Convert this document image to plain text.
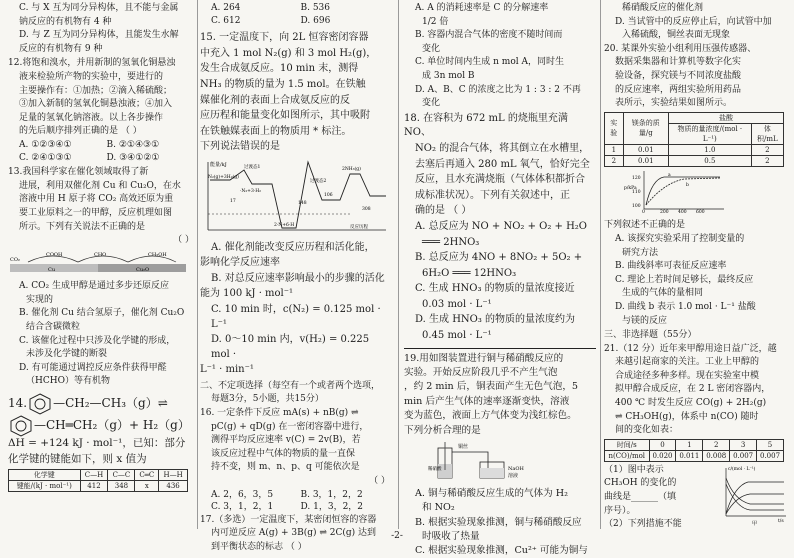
C. 与 X 互为同分异构体，且不能与金属

钠反应的有机物有 4 种

D. 与 Z 互为同分异构体，且能发生水解

反应的有机物有 9 种

12.将饱和溴水，并用新制的氢氧化铜悬浊

液来检验所产物的实验中，要进行的

主要操作有：①加热；②滴入稀硫酸；

③加入新制的氢氧化铜悬浊液；④加入

足量的氢氧化钠溶液。以上各步操作

的先后顺序排列正确的是 （ ）

A. ①②③④①	B. ②①④③①
C. ②④①③①	D. ③④①②①

13.我国科学家在催化领域取得了新

进展，利用双催化剂 Cu 和 Cu₂O，在水

溶液中用 H 原子将 CO₂ 高效还原为重

要工业原料之一的甲醇，反应机理如图

所示。下列有关说法不正确的是

（ ）

CO₂
COOH	CHO	CH₃OH
Cu	Cu₂O

A. CO₂ 生成甲醇是通过多步还原反应

实现的

B. 催化剂 Cu 结合氢原子，催化剂 Cu₂O

结合含碳微粒

C. 该催化过程中只涉及化学键的形成，

未涉及化学键的断裂

D. 有可能通过调控反应条件获得甲醛

（HCHO）等有机物

14. —CH₂—CH₃（g）⇌
—CH═CH₂（g）+ H₂（g）

ΔH = +124 kJ · mol⁻¹，已知：部分

化学键的键能如下，则 x 值为

化学键	C—H	C—C	C═C	H—H
键能/(kJ · mol⁻¹)	412	348	x	436
A. 264	B. 536
C. 612	D. 696

15. 一定温度下，向 2L 恒容密闭容器

中充入 1 mol N₂(g) 和 3 mol H₂(g)，

发生合成氨反应。10 min 末，测得

NH₃ 的物质的量为 1.5 mol。在铁触

媒催化剂的表面上合成氨反应的反

应历程和能量变化如图所示，其中吸附

在铁触媒表面上的物质用 * 标注。

下列说法错误的是

能量/kJ
N₂(g)+3H₂(g)
过渡态1
过渡态2
·N₂+3·H₂
2·N+6·H
2NH₃(g)
17	148
106
308
反应历程

A. 催化剂能改变反应历程和活化能，

影响化学反应速率

B. 对总反应速率影响最小的步骤的活化

能为 100 kJ · mol⁻¹

C. 10 min 时，c(N₂) = 0.125 mol · L⁻¹

D. 0～10 min 内，v(H₂) = 0.225 mol ·

L⁻¹ · min⁻¹

二、不定项选择（每空有一个或者两个选项，

每题3分，5小题，共15分）

16. 一定条件下反应 mA(s) + nB(g) ⇌

pC(g) + qD(g) 在一密闭容器中进行，

测得平均反应速率 v(C) = 2v(B)，若

该反应过程中气体的物质的量一直保

持不变，则 m、n、p、q 可能依次是

（ ）

A. 2，6，3，5	B. 3，1，2，2
C. 3，1，2，1	D. 1，3，2，2

17.（多选）一定温度下，某密闭恒容的容器

内可逆反应 A(g) + 3B(g) ⇌ 2C(g) 达到

到平衡状态的标志 （ ）

A. A 的消耗速率是 C 的分解速率

1/2 倍

B. 容器内混合气体的密度不随时间而

变化

C. 单位时间内生成 n mol A，同时生

成 3n mol B

D. A、B、C 的浓度之比为 1 : 3 : 2 不再

变化

18. 在容积为 672 mL 的烧瓶里充满 NO、

NO₂ 的混合气体，将其倒立在水槽里，

去塞后再通入 280 mL 氧气，恰好完全

反应，且水充满烧瓶（气体体积都折合

成标准状况）。下列有关叙述中，正

确的是 （ ）

A. 总反应为 NO + NO₂ + O₂ + H₂O

═══ 2HNO₃

B. 总反应为 4NO + 8NO₂ + 5O₂ +

6H₂O ═══ 12HNO₃

C. 生成 HNO₃ 的物质的量浓度接近

0.03 mol · L⁻¹

D. 生成 HNO₃ 的物质的量浓度约为

0.45 mol · L⁻¹

19.用如图装置进行铜与稀硝酸反应的

实验。开始反应阶段几乎不产生气泡

，约 2 min 后，铜表面产生无色气泡，5

min 后产生气体的速率逐渐变快，溶液

变为蓝色，液面上方气体变为浅红棕色。

下列分析合理的是

铜丝
稀硝酸	NaOH
溶液

A. 铜与稀硝酸反应生成的气体为 H₂

和 NO₂

B. 根据实验现象推测，铜与稀硝酸反应

时吸收了热量

C. 根据实验现象推测，Cu²⁺ 可能为铜与

稀硝酸反应的催化剂

D. 当试管中的反应停止后，向试管中加

入稀硫酸，铜丝表面无现象

20. 某课外实验小组利用压强传感器、

数据采集器和计算机等数字化实

验设备，探究镁与不同浓度盐酸

的反应速率，两组实验所用药品

表所示，实验结果如图所示。

实验	镁条的质量/g	盐酸	
		物质的量浓度/(mol · L⁻¹)	体积/mL
1	0.01	1.0	2
2	0.01	0.5	2
p/kPa
120
110
100
0	200 400 600
a
b

下列叙述不正确的是

A. 该探究实验采用了控制变量的

研究方法

B. 曲线斜率可表征反应速率

C. 理论上若时间足够长，最终反应

生成的气体的量相同

D. 曲线 b 表示 1.0 mol · L⁻¹ 盐酸

与镁的反应

三、非选择题（55分）

21.（12 分）近年来甲醇用途日益广泛，越

来越引起商家的关注。工业上甲醇的

合成途径多种多样。现在实验室中模

拟甲醇合成反应，在 2 L 密闭容器内，

400 ℃ 时发生反应 CO(g) + 2H₂(g)

⇌ CH₃OH(g)，体系中 n(CO) 随时

间的变化如表：

时间/s	0	1	2	3	5
n(CO)/mol	0.020	0.011	0.008	0.007	0.007

（1）图中表示

CH₃OH 的变化的

曲线是______（填

序号）。

（2）下列措施不能

c/(mol · L⁻¹)
t/s
甲
-2-
